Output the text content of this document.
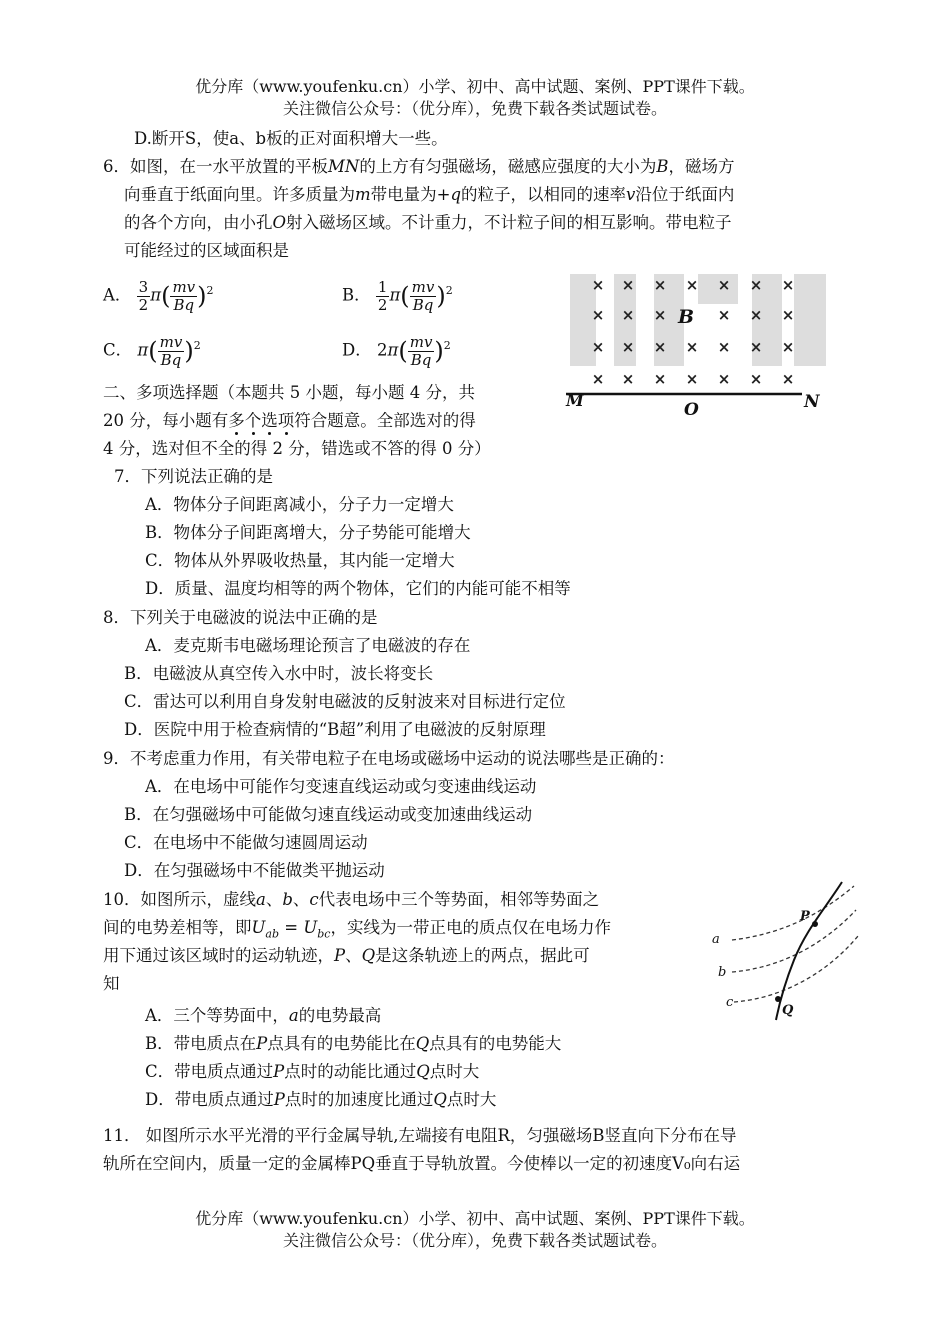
优分库（www.youfenku.cn）小学、初中、高中试题、案例、PPT课件下载。
关注微信公众号：（优分库），免费下载各类试题试卷。
D.断开S，使a、b板的正对面积增大一些。
6．如图，在一水平放置的平板MN的上方有匀强磁场，磁感应强度的大小为B，磁场方
向垂直于纸面向里。许多质量为m带电量为+q的粒子，以相同的速率v沿位于纸面内
的各个方向，由小孔O射入磁场区域。不计重力，不计粒子间的相互影响。带电粒子
可能经过的区域面积是
A． $\frac{3}{2} \pi( \frac{mv}{Bq} )^2$	B． $\frac{1}{2} \pi( \frac{mv}{Bq} )^2$
C． $\pi( \frac{mv}{Bq} )^2$	D． $2\pi( \frac{mv}{Bq} )^2$
× × × × × × ×
× × ×	× × ×
× × × × × × ×
× × × × × × ×
B
M	O	N
二、多项选择题（本题共 5 小题，每小题 4 分，共
20 分，每小题有多个选项符合题意。全部选对的得
4 分，选对但不全的得 2 分，错选或不答的得 0 分）
7．下列说法正确的是
A．物体分子间距离减小，分子力一定增大
B．物体分子间距离增大，分子势能可能增大
C．物体从外界吸收热量，其内能一定增大
D．质量、温度均相等的两个物体，它们的内能可能不相等
8．下列关于电磁波的说法中正确的是
A．麦克斯韦电磁场理论预言了电磁波的存在
B．电磁波从真空传入水中时，波长将变长
C．雷达可以利用自身发射电磁波的反射波来对目标进行定位
D．医院中用于检查病情的“B超”利用了电磁波的反射原理
9．不考虑重力作用，有关带电粒子在电场或磁场中运动的说法哪些是正确的：
A．在电场中可能作匀变速直线运动或匀变速曲线运动
B．在匀强磁场中可能做匀速直线运动或变加速曲线运动
C．在电场中不能做匀速圆周运动
D．在匀强磁场中不能做类平抛运动
10．如图所示，虚线a、b、c代表电场中三个等势面，相邻等势面之
间的电势差相等，即$U_{ab} = U_{bc}$，实线为一带正电的质点仅在电场力作
用下通过该区域时的运动轨迹，P、Q是这条轨迹上的两点，据此可
知
A．三个等势面中，a的电势最高
B．带电质点在P点具有的电势能比在Q点具有的电势能大
C．带电质点通过P点时的动能比通过Q点时大
D．带电质点通过P点时的加速度比通过Q点时大
a
b
c
P
Q
11． 如图所示水平光滑的平行金属导轨,左端接有电阻R，匀强磁场B竖直向下分布在导
轨所在空间内，质量一定的金属棒PQ垂直于导轨放置。今使棒以一定的初速度V₀向右运
优分库（www.youfenku.cn）小学、初中、高中试题、案例、PPT课件下载。
关注微信公众号：（优分库），免费下载各类试题试卷。
